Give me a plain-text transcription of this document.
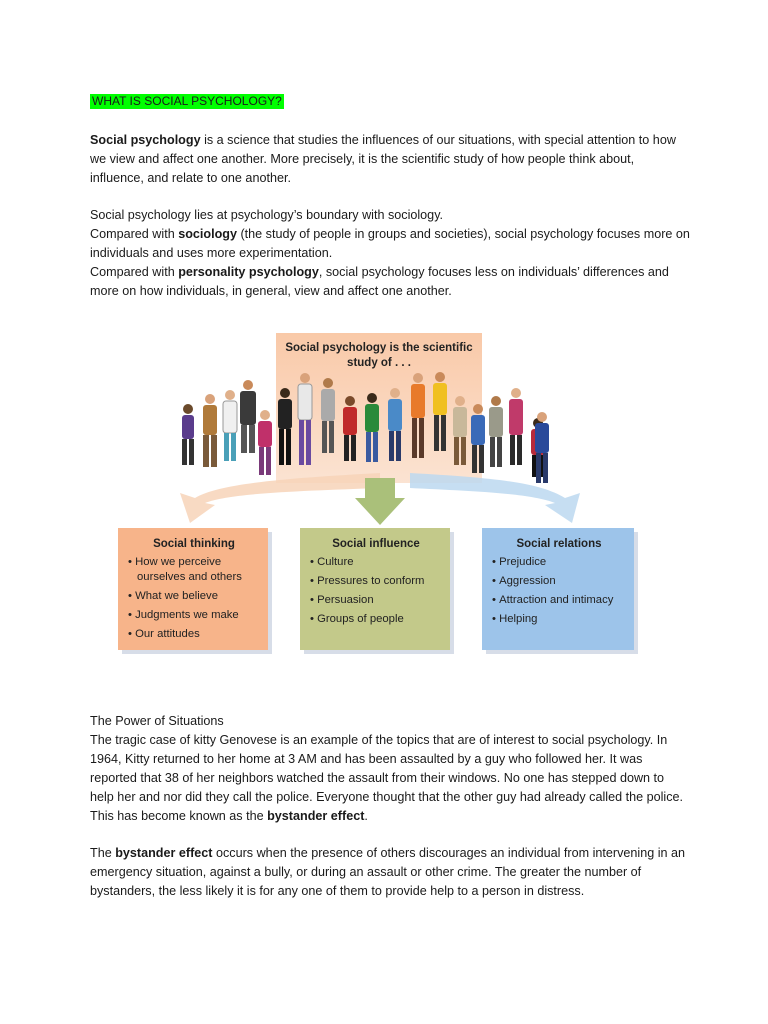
WHAT IS SOCIAL PSYCHOLOGY?

Social psychology is a science that studies the influences of our situations, with special attention to how we view and affect one another. More precisely, it is the scientific study of how people think about, influence, and relate to one another.

Social psychology lies at psychology’s boundary with sociology.

Compared with sociology (the study of people in groups and societies), social psychology focuses more on individuals and uses more experimentation.

Compared with personality psychology, social psychology focuses less on individuals’ differences and more on how individuals, in general, view and affect one another.

Social psychology is the scientific study of . . .
Social thinking
• How we perceive ourselves and others
• What we believe
• Judgments we make
• Our attitudes
Social influence
• Culture
• Pressures to conform
• Persuasion
• Groups of people
Social relations
• Prejudice
• Aggression
• Attraction and intimacy
• Helping

The Power of Situations

The tragic case of kitty Genovese is an example of the topics that are of interest to social psychology. In 1964, Kitty returned to her home at 3 AM and has been assaulted by a guy who followed her. It was reported that 38 of her neighbors watched the assault from their windows. No one has stepped down to help her and nor did they call the police. Everyone thought that the other guy had already called the police. This has become known as the bystander effect.

The bystander effect occurs when the presence of others discourages an individual from intervening in an emergency situation, against a bully, or during an assault or other crime. The greater the number of bystanders, the less likely it is for any one of them to provide help to a person in distress.
